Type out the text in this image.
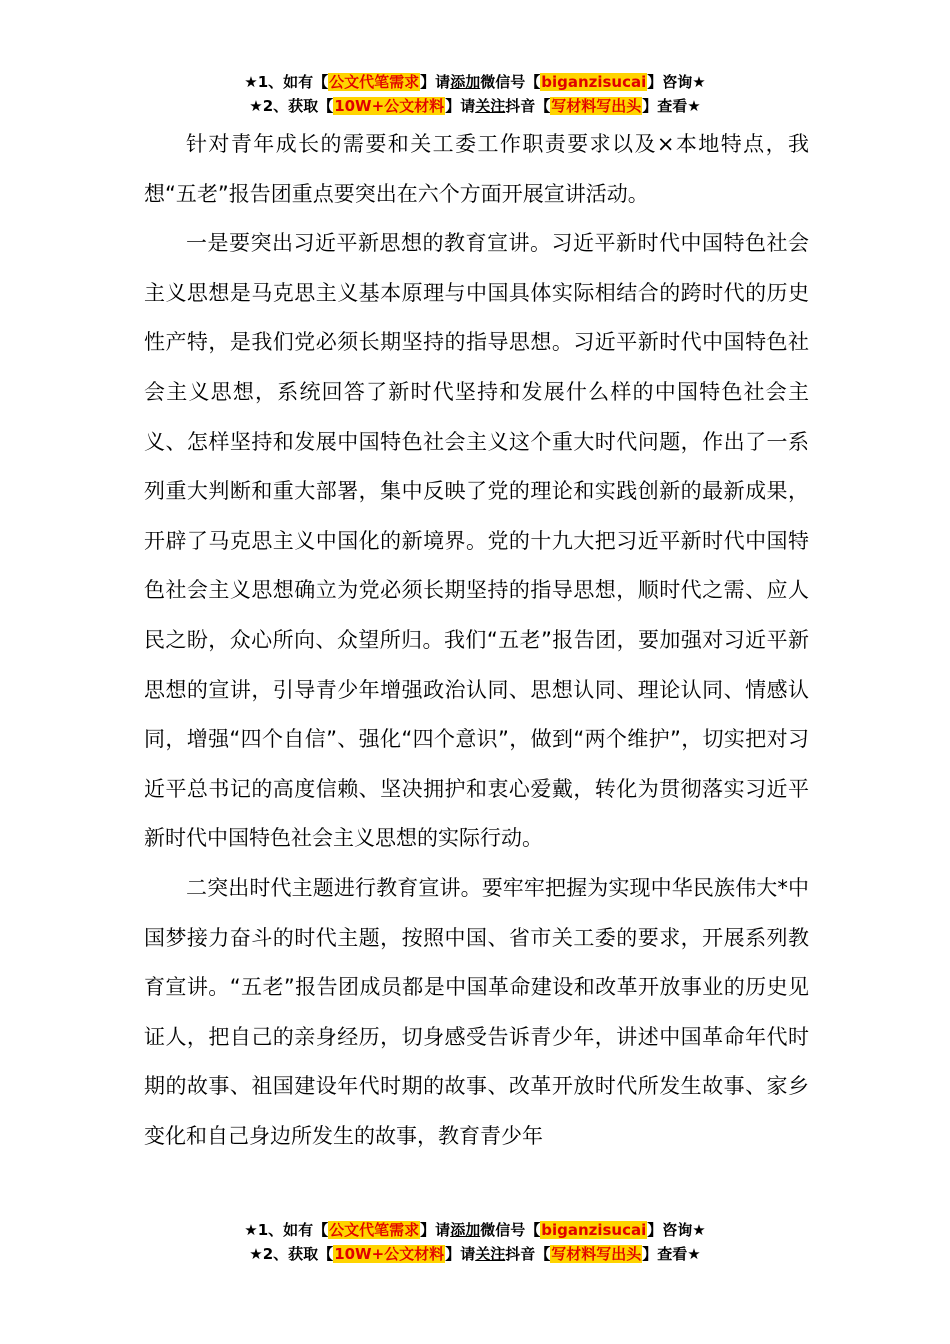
★1、如有【公文代笔需求】请添加微信号【biganzisucai】咨询★
★2、获取【10W+公文材料】请关注抖音【写材料写出头】查看★

针对青年成长的需要和关工委工作职责要求以及×本地特点，我想“五老”报告团重点要突出在六个方面开展宣讲活动。

一是要突出习近平新思想的教育宣讲。习近平新时代中国特色社会主义思想是马克思主义基本原理与中国具体实际相结合的跨时代的历史性产特，是我们党必须长期坚持的指导思想。习近平新时代中国特色社会主义思想，系统回答了新时代坚持和发展什么样的中国特色社会主义、怎样坚持和发展中国特色社会主义这个重大时代问题，作出了一系列重大判断和重大部署，集中反映了党的理论和实践创新的最新成果，开辟了马克思主义中国化的新境界。党的十九大把习近平新时代中国特色社会主义思想确立为党必须长期坚持的指导思想，顺时代之需、应人民之盼，众心所向、众望所归。我们“五老”报告团，要加强对习近平新思想的宣讲，引导青少年增强政治认同、思想认同、理论认同、情感认同，增强“四个自信”、强化“四个意识”，做到“两个维护”，切实把对习近平总书记的高度信赖、坚决拥护和衷心爱戴，转化为贯彻落实习近平新时代中国特色社会主义思想的实际行动。

二突出时代主题进行教育宣讲。要牢牢把握为实现中华民族伟大*中国梦接力奋斗的时代主题，按照中国、省市关工委的要求，开展系列教育宣讲。“五老”报告团成员都是中国革命建设和改革开放事业的历史见证人，把自己的亲身经历，切身感受告诉青少年，讲述中国革命年代时期的故事、祖国建设年代时期的故事、改革开放时代所发生故事、家乡变化和自己身边所发生的故事，教育青少年

★1、如有【公文代笔需求】请添加微信号【biganzisucai】咨询★
★2、获取【10W+公文材料】请关注抖音【写材料写出头】查看★
